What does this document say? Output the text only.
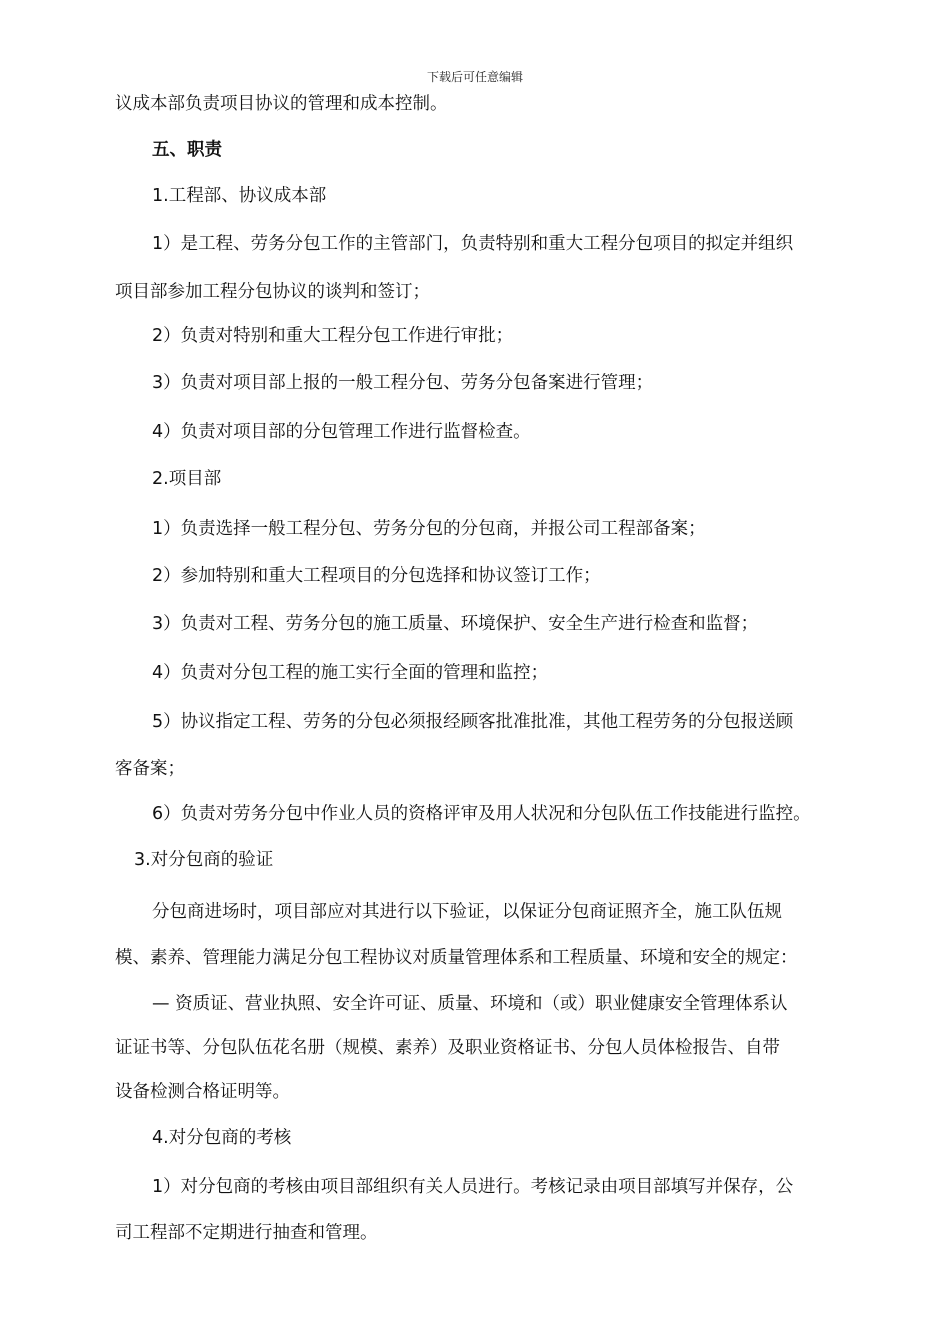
下载后可任意编辑
议成本部负责项目协议的管理和成本控制。
五、职责
1.工程部、协议成本部
1）是工程、劳务分包工作的主管部门，负责特别和重大工程分包项目的拟定并组织
项目部参加工程分包协议的谈判和签订；
2）负责对特别和重大工程分包工作进行审批；
3）负责对项目部上报的一般工程分包、劳务分包备案进行管理；
4）负责对项目部的分包管理工作进行监督检查。
2.项目部
1）负责选择一般工程分包、劳务分包的分包商，并报公司工程部备案；
2）参加特别和重大工程项目的分包选择和协议签订工作；
3）负责对工程、劳务分包的施工质量、环境保护、安全生产进行检查和监督；
4）负责对分包工程的施工实行全面的管理和监控；
5）协议指定工程、劳务的分包必须报经顾客批准批准，其他工程劳务的分包报送顾
客备案；
6）负责对劳务分包中作业人员的资格评审及用人状况和分包队伍工作技能进行监控。
3.对分包商的验证
分包商进场时，项目部应对其进行以下验证，以保证分包商证照齐全，施工队伍规
模、素养、管理能力满足分包工程协议对质量管理体系和工程质量、环境和安全的规定：
— 资质证、营业执照、安全许可证、质量、环境和（或）职业健康安全管理体系认
证证书等、分包队伍花名册（规模、素养）及职业资格证书、分包人员体检报告、自带
设备检测合格证明等。
4.对分包商的考核
1）对分包商的考核由项目部组织有关人员进行。考核记录由项目部填写并保存，公
司工程部不定期进行抽查和管理。
